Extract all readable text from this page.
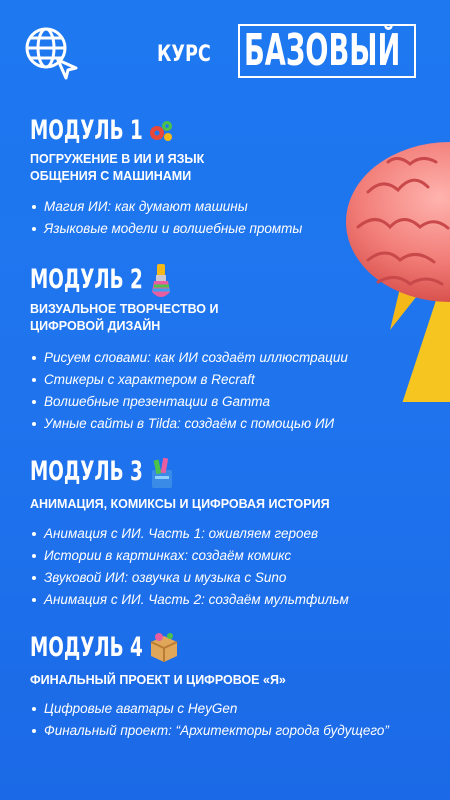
КУРС БАЗОВЫЙ
МОДУЛЬ 1
ПОГРУЖЕНИЕ В ИИ И ЯЗЫК
ОБЩЕНИЯ С МАШИНАМИ
Магия ИИ: как думают машины
Языковые модели и волшебные промты
МОДУЛЬ 2
ВИЗУАЛЬНОЕ ТВОРЧЕСТВО И
ЦИФРОВОЙ ДИЗАЙН
Рисуем словами: как ИИ создаёт иллюстрации
Стикеры с характером в Recraft
Волшебные презентации в Gamma
Умные сайты в Tilda: создаём с помощью ИИ
МОДУЛЬ 3
АНИМАЦИЯ, КОМИКСЫ И ЦИФРОВАЯ ИСТОРИЯ
Анимация с ИИ. Часть 1: оживляем героев
Истории в картинках: создаём комикс
Звуковой ИИ: озвучка и музыка с Suno
Анимация с ИИ. Часть 2: создаём мультфильм
МОДУЛЬ 4
ФИНАЛЬНЫЙ ПРОЕКТ И ЦИФРОВОЕ «Я»
Цифровые аватары с HeyGen
Финальный проект: “Архитекторы города будущего”
